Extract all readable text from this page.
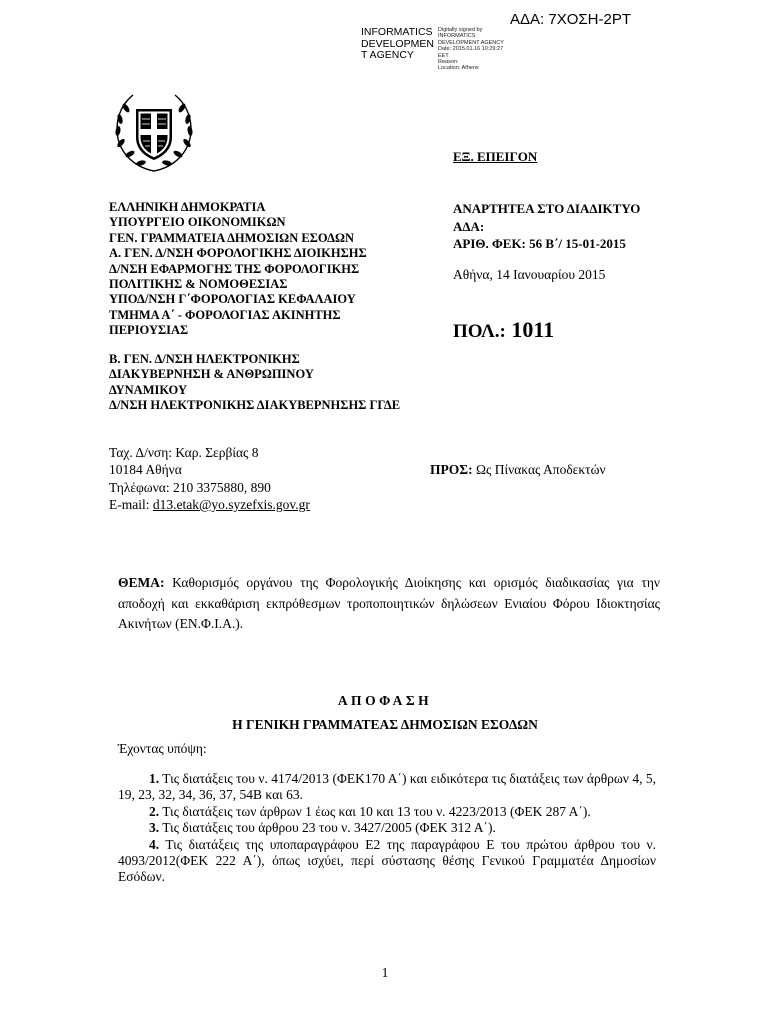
ΑΔΑ: 7ΧΟΣΗ-2ΡΤ
INFORMATICS
DEVELOPMEN
T AGENCY
Digitally signed by
INFORMATICS
DEVELOPMENT AGENCY
Date: 2015.01.16 10:29:27
EET
Reason:
Location: Athens
ΕΞ. ΕΠΕΙΓΟΝ
ΑΝΑΡΤΗΤΕΑ ΣΤΟ ΔΙΑΔΙΚΤΥΟ
ΑΔΑ:
ΑΡΙΘ. ΦΕΚ: 56 Β΄/ 15-01-2015
Αθήνα, 14 Ιανουαρίου 2015
ΠΟΛ.: 1011
ΕΛΛΗΝΙΚΗ ΔΗΜΟΚΡΑΤΙΑ
ΥΠΟΥΡΓΕΙΟ ΟΙΚΟΝΟΜΙΚΩΝ
ΓΕΝ. ΓΡΑΜΜΑΤΕΙΑ ΔΗΜΟΣΙΩΝ ΕΣΟΔΩΝ
Α. ΓΕΝ. Δ/ΝΣΗ ΦΟΡΟΛΟΓΙΚΗΣ ΔΙΟΙΚΗΣΗΣ
Δ/ΝΣΗ ΕΦΑΡΜΟΓΗΣ ΤΗΣ ΦΟΡΟΛΟΓΙΚΗΣ
ΠΟΛΙΤΙΚΗΣ & ΝΟΜΟΘΕΣΙΑΣ
ΥΠΟΔ/ΝΣΗ Γ΄ΦΟΡΟΛΟΓΙΑΣ ΚΕΦΑΛΑΙΟΥ
ΤΜΗΜΑ Α΄ - ΦΟΡΟΛΟΓΙΑΣ ΑΚΙΝΗΤΗΣ
ΠΕΡΙΟΥΣΙΑΣ
Β. ΓΕΝ. Δ/ΝΣΗ ΗΛΕΚΤΡΟΝΙΚΗΣ
ΔΙΑΚΥΒΕΡΝΗΣΗ & ΑΝΘΡΩΠΙΝΟΥ
ΔΥΝΑΜΙΚΟΥ
Δ/ΝΣΗ ΗΛΕΚΤΡΟΝΙΚΗΣ ΔΙΑΚΥΒΕΡΝΗΣΗΣ ΓΓΔΕ
Ταχ. Δ/νση: Καρ. Σερβίας 8
10184 Αθήνα
Τηλέφωνα: 210 3375880, 890
E-mail: d13.etak@yo.syzefxis.gov.gr
ΠΡΟΣ: Ως Πίνακας Αποδεκτών
ΘΕΜΑ: Καθορισμός οργάνου της Φορολογικής Διοίκησης και ορισμός διαδικασίας για την αποδοχή και εκκαθάριση εκπρόθεσμων τροποποιητικών δηλώσεων Ενιαίου Φόρου Ιδιοκτησίας Ακινήτων (ΕΝ.Φ.Ι.Α.).
ΑΠΟΦΑΣΗ
Η ΓΕΝΙΚΗ ΓΡΑΜΜΑΤΕΑΣ ΔΗΜΟΣΙΩΝ ΕΣΟΔΩΝ
Έχοντας υπόψη:

1. Τις διατάξεις του ν. 4174/2013 (ΦΕΚ170 Α΄) και ειδικότερα τις διατάξεις των άρθρων 4, 5, 19, 23, 32, 34, 36, 37, 54Β και 63.

2. Τις διατάξεις των άρθρων 1 έως και 10 και 13 του ν. 4223/2013 (ΦΕΚ 287 Α΄).

3. Τις διατάξεις του άρθρου 23 του ν. 3427/2005 (ΦΕΚ 312 Α΄).

4. Τις διατάξεις της υποπαραγράφου Ε2 της παραγράφου Ε του πρώτου άρθρου του ν. 4093/2012(ΦΕΚ 222 Α΄), όπως ισχύει, περί σύστασης θέσης Γενικού Γραμματέα Δημοσίων Εσόδων.

1
